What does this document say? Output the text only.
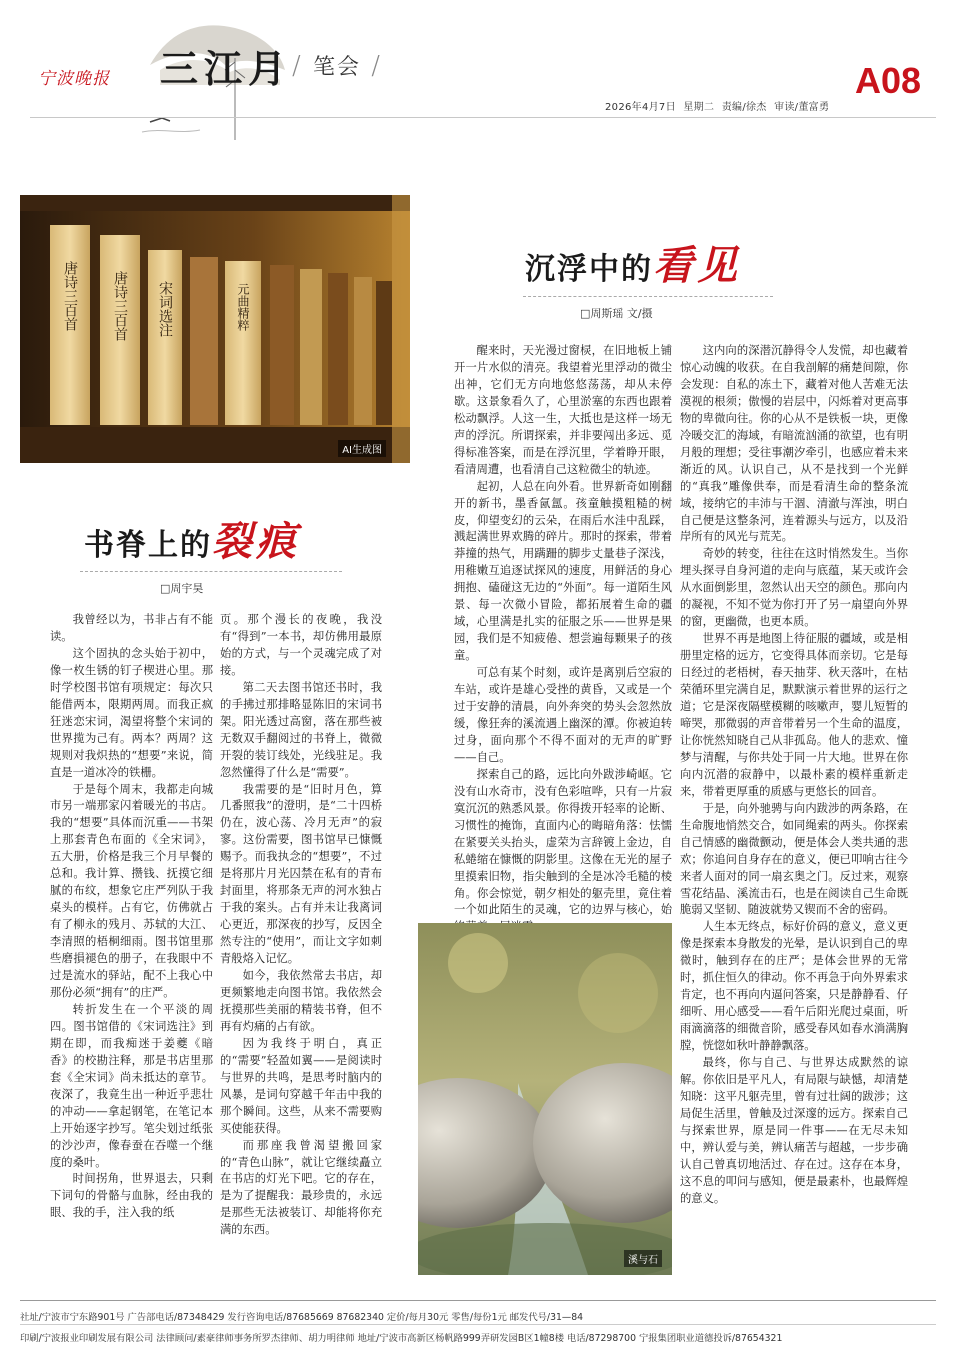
宁波晚报 三江月 / 笔会 /	A08
2026年4月7日 星期二 责编/徐杰 审读/董富勇
唐诗三百首 唐诗三百首 宋词选注	元曲精粹
AI生成图
书脊上的裂痕
□周宇昊

我曾经以为，书非占有不能读。

这个固执的念头始于初中，像一枚生锈的钉子楔进心里。那时学校图书馆有项规定：每次只能借两本，限期两周。而我正疯狂迷恋宋词，渴望将整个宋词的世界揽为己有。两本？两周？这规则对我炽热的“想要”来说，简直是一道冰冷的铁栅。

于是每个周末，我都走向城市另一端那家闪着暖光的书店。我的“想要”具体而沉重——书架上那套青色布面的《全宋词》，五大册，价格是我三个月早餐的总和。我计算、攒钱、抚摸它细腻的布纹，想象它庄严列队于我桌头的模样。占有它，仿佛就占有了柳永的残月、苏轼的大江、李清照的梧桐细雨。图书馆里那些磨損褪色的册子，在我眼中不过是流水的驿站，配不上我心中那份必须“拥有”的庄严。

转折发生在一个平淡的周四。图书馆借的《宋词选注》到期在即，而我痴迷于姜夔《暗香》的校勘注释，那是书店里那套《全宋词》尚未抵达的章节。夜深了，我竟生出一种近乎悲壮的冲动——拿起钢笔，在笔记本上开始逐字抄写。笔尖划过纸张的沙沙声，像春蚕在吞噬一个继度的桑叶。

时间拐角，世界退去，只剩下词句的骨骼与血脉，经由我的眼、我的手，注入我的纸

页。那个漫长的夜晚，我没有“得到”一本书，却仿佛用最原始的方式，与一个灵魂完成了对接。

第二天去图书馆还书时，我的手拂过那排略显陈旧的宋词书架。阳光透过高窗，落在那些被无数双手翻阅过的书脊上，微微开裂的装订线处，光线驻足。我忽然懂得了什么是“需要”。

我需要的是“旧时月色，算几番照我”的澄明，是“二十四桥仍在，波心荡、冷月无声”的寂寥。这份需要，图书馆早已慷慨赐予。而我执念的“想要”，不过是将那片月光囚禁在私有的青布封面里，将那条无声的河水独占于我的案头。占有并未让我离词心更近，那深夜的抄写，反因全然专注的“使用”，而让文字如刺青般烙入记忆。

如今，我依然常去书店，却更频繁地走向图书馆。我依然会抚摸那些美丽的精装书脊，但不再有灼痛的占有欲。

因为我终于明白，真正的“需要”轻盈如翼——是阅读时与世界的共鸣，是思考时脑内的风暴，是词句穿越千年击中我的那个瞬间。这些，从来不需要购买使能获得。

而那座我曾渴望搬回家的“青色山脉”，就让它继续矗立在书店的灯光下吧。它的存在，是为了提醒我：最珍贵的，永远是那些无法被装订、却能将你充满的东西。

沉浮中的看见
□周斯瑶 文/摄

醒来时，天光漫过窗棂，在旧地板上铺开一片水似的清亮。我望着光里浮动的微尘出神，它们无方向地悠悠荡荡，却从未停歇。这景象看久了，心里淤塞的东西也跟着松动飘浮。人这一生，大抵也是这样一场无声的浮沉。所谓探索，并非要闯出多远、觅得标准答案，而是在浮沉里，学着睁开眼，看清周遭，也看清自己这粒微尘的轨迹。

起初，人总在向外看。世界新奇如刚翻开的新书，墨香氤氲。孩童触摸粗糙的树皮，仰望变幻的云朵，在雨后水洼中乱踩，溅起满世界欢腾的碎片。那时的探索，带着莽撞的热气，用蹒跚的脚步丈量巷子深浅，用稚嫩互追逐试探风的速度，用鲜活的身心拥抱、磕碰这无边的“外面”。每一道陌生风景、每一次微小冒险，都拓展着生命的疆域，心里满是扎实的征服之乐——世界是果园，我们是不知疲倦、想尝遍每颗果子的孩童。

可总有某个时刻，或许是离别后空寂的车站，或许是雄心受挫的黄昏，又或是一个过于安静的清晨，向外奔突的势头会忽然放缓，像狂奔的溪流遇上幽深的潭。你被迫转过身，面向那个不得不面对的无声的旷野——自己。

探索自己的路，远比向外跋涉崎岖。它没有山水奇市，没有色彩喧哗，只有一片寂寞沉沉的熟悉风景。你得拨开轻率的论断、习惯性的掩饰，直面内心的晦暗角落：怯懦在紧要关头抬头，虚荣为言辞镀上金边，自私蜷缩在慷慨的阴影里。这像在无光的屋子里摸索旧物，指尖触到的全是冰冷毛糙的棱角。你会惊觉，朝夕相处的躯壳里，竟住着一个如此陌生的灵魂，它的边界与核心，始

这内向的深潜沉静得令人发慌，却也藏着惊心动魄的收获。在自我剖解的痛楚间隙，你会发现：自私的冻土下，藏着对他人苦难无法漠视的根须；傲慢的岩层中，闪烁着对更高事物的卑微向往。你的心从不是铁板一块，更像冷暖交汇的海域，有暗流汹涌的欲望，也有明月般的理想；受往事潮汐牵引，也感应着未来渐近的风。认识自己，从不是找到一个光鲜的“真我”雕像供奉，而是看清生命的整条流域，接纳它的丰沛与干涸、清澈与浑浊，明白自己便是这整条河，连着源头与远方，以及沿岸所有的风光与荒芜。

奇妙的转变，往往在这时悄然发生。当你埋头探寻自身河道的走向与底蕴，某天或许会从水面倒影里，忽然认出天空的颜色。那向内的凝视，不知不觉为你打开了另一扇望向外界的窗，更幽微，也更本质。

世界不再是地图上待征服的疆域，或是相册里定格的远方，它变得具体而亲切。它是每日经过的老梧树，春天抽芽、秋天落叶，在枯荣循环里完满自足，默默演示着世界的运行之道；它是深夜隔壁模糊的咳嗽声，婴儿短暂的啼哭，那微弱的声音带着另一个生命的温度，让你恍然知晓自己从非孤岛。他人的悲欢、憧梦与清醒，与你共处于同一片大地。世界在你向内沉潜的寂静中，以最朴素的模样重新走来，带着更厚重的质感与更悠长的回音。

于是，向外驰骋与向内跋涉的两条路，在生命腹地悄然交合，如同绳索的两头。你探索自己情感的幽微颤动，便是体会人类共通的悲欢；你追问自身存在的意义，便已叩响古往今来者人面对的同一扇玄奥之门。反过来，观察雪花结晶、溪流击石，也是在阅读自己生命既脆弱又坚韧、随波就势又锲而不舍的密码。

人生本无终点，标好价码的意义，意义更像是探索本身散发的光晕，是认识到自己的卑微时，触到存在的庄严；是体会世界的无常时，抓住恒久的律动。你不再急于向外界索求肯定，也不再向内逼问答案，只是静静看、仔细听、用心感受——看午后阳光爬过桌面，听雨滴滴落的细微音阶，感受春风如春水淌满胸膛，恍惚如秋叶静静飘落。

最终，你与自己、与世界达成默然的谅解。你依旧是平凡人，有局限与缺憾，却清楚知晓：这平凡躯壳里，曾有过壮阔的跋涉；这局促生活里，曾触及过深邃的远方。探索自己与探索世界，原是同一件事——在无尽未知中，辨认爱与美，辨认痛苦与超越，一步步确认自己曾真切地活过、存在过。这存在本身，这不息的叩问与感知，便是最素朴，也最辉煌的意义。

溪与石
社址/宁波市宁东路901号 广告部电话/87348429 发行咨询电话/87685669 87682340 定价/每月30元 零售/每份1元 邮发代号/31—84
印刷/宁波报业印刷发展有限公司 法律顾问/素豪律师事务所罗杰律师、胡力明律师 地址/宁波市高新区杨帆路999弄研发园B区1幢8楼 电话/87298700 宁报集团职业道德投诉/87654321
